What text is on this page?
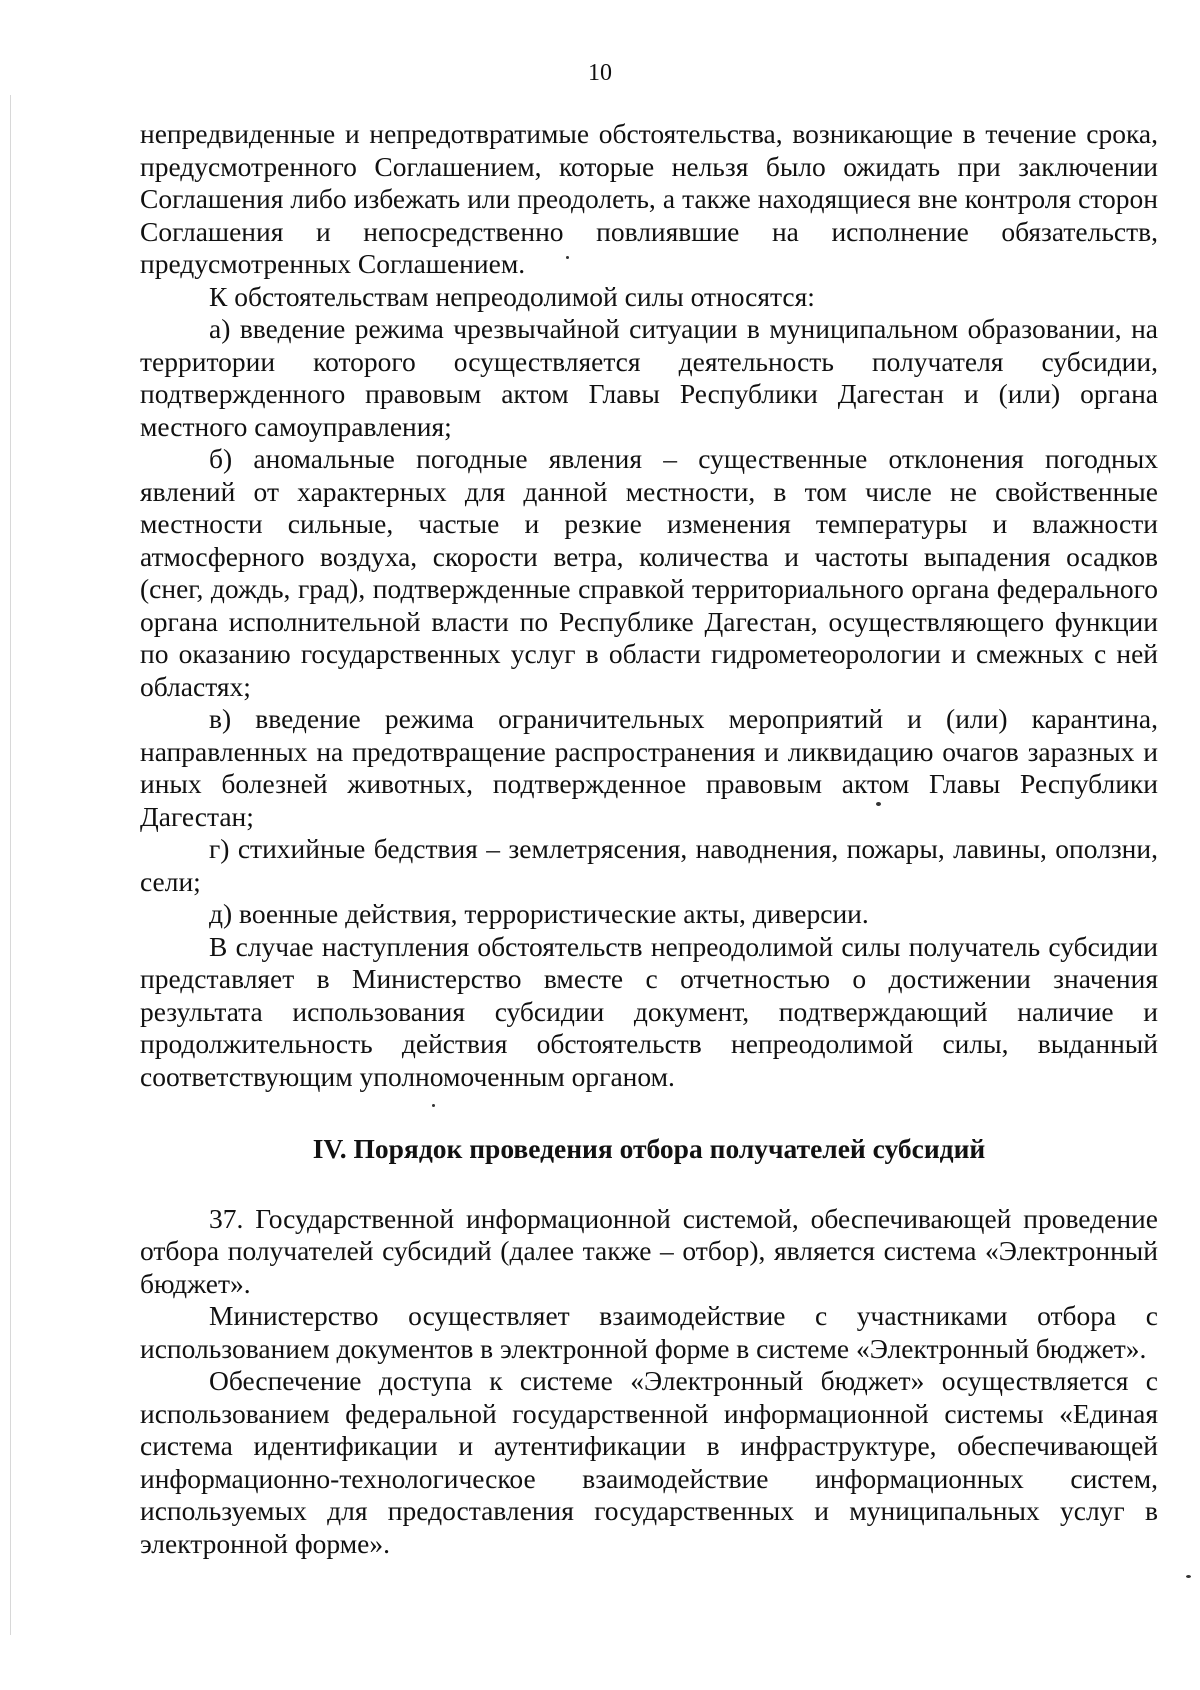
10

непредвиденные и непредотвратимые обстоятельства, возникающие в течение срока, предусмотренного Соглашением, которые нельзя было ожидать при заключении Соглашения либо избежать или преодолеть, а также находящиеся вне контроля сторон Соглашения и непосредственно повлиявшие на исполнение обязательств, предусмотренных Соглашением.

К обстоятельствам непреодолимой силы относятся:

а) введение режима чрезвычайной ситуации в муниципальном образовании, на территории которого осуществляется деятельность получателя субсидии, подтвержденного правовым актом Главы Республики Дагестан и (или) органа местного самоуправления;

б) аномальные погодные явления – существенные отклонения погодных явлений от характерных для данной местности, в том числе не свойственные местности сильные, частые и резкие изменения температуры и влажности атмосферного воздуха, скорости ветра, количества и частоты выпадения осадков (снег, дождь, град), подтвержденные справкой территориального органа федерального органа исполнительной власти по Республике Дагестан, осуществляющего функции по оказанию государственных услуг в области гидрометеорологии и смежных с ней областях;

в) введение режима ограничительных мероприятий и (или) карантина, направленных на предотвращение распространения и ликвидацию очагов заразных и иных болезней животных, подтвержденное правовым актом Главы Республики Дагестан;

г) стихийные бедствия – землетрясения, наводнения, пожары, лавины, оползни, сели;

д) военные действия, террористические акты, диверсии.

В случае наступления обстоятельств непреодолимой силы получатель субсидии представляет в Министерство вместе с отчетностью о достижении значения результата использования субсидии документ, подтверждающий наличие и продолжительность действия обстоятельств непреодолимой силы, выданный соответствующим уполномоченным органом.

IV. Порядок проведения отбора получателей субсидий

37. Государственной информационной системой, обеспечивающей проведение отбора получателей субсидий (далее также – отбор), является система «Электронный бюджет».

Министерство осуществляет взаимодействие с участниками отбора с использованием документов в электронной форме в системе «Электронный бюджет».

Обеспечение доступа к системе «Электронный бюджет» осуществляется с использованием федеральной государственной информационной системы «Единая система идентификации и аутентификации в инфраструктуре, обеспечивающей информационно-технологическое взаимодействие информационных систем, используемых для предоставления государственных и муниципальных услуг в электронной форме».
